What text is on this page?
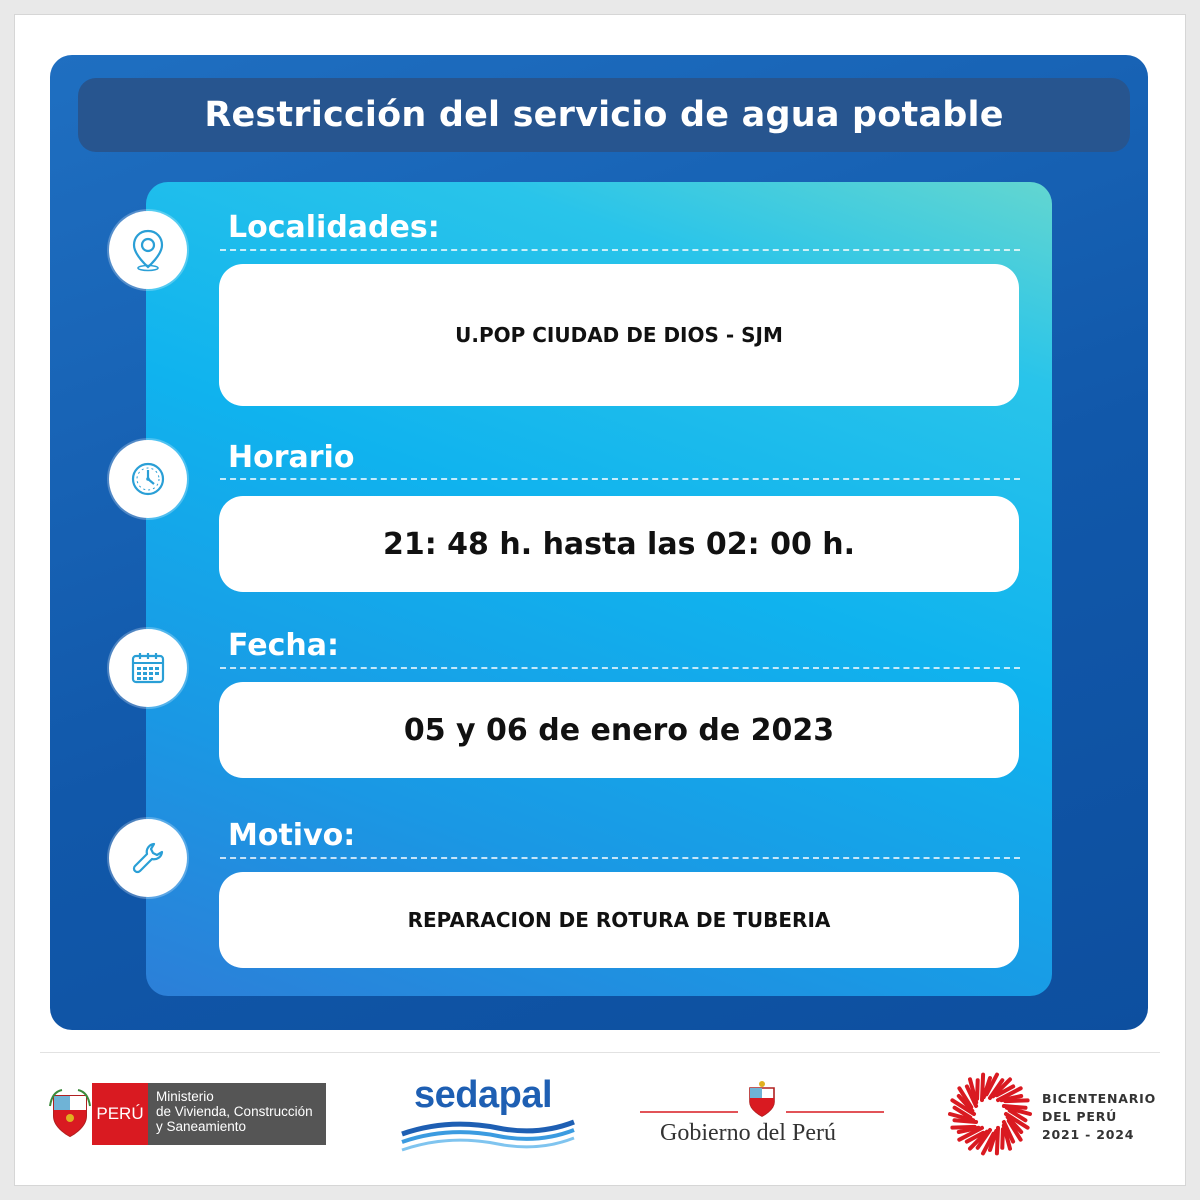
Restricción del servicio de agua potable
Localidades:
U.POP CIUDAD DE DIOS - SJM
Horario
21: 48 h. hasta las 02: 00 h.
Fecha:
05 y 06 de enero de 2023
Motivo:
REPARACION DE ROTURA DE TUBERIA
PERÚ
Ministerio
de Vivienda, Construcción
y Saneamiento
sedapal
Gobierno del Perú
BICENTENARIO
DEL PERÚ
2021 - 2024
